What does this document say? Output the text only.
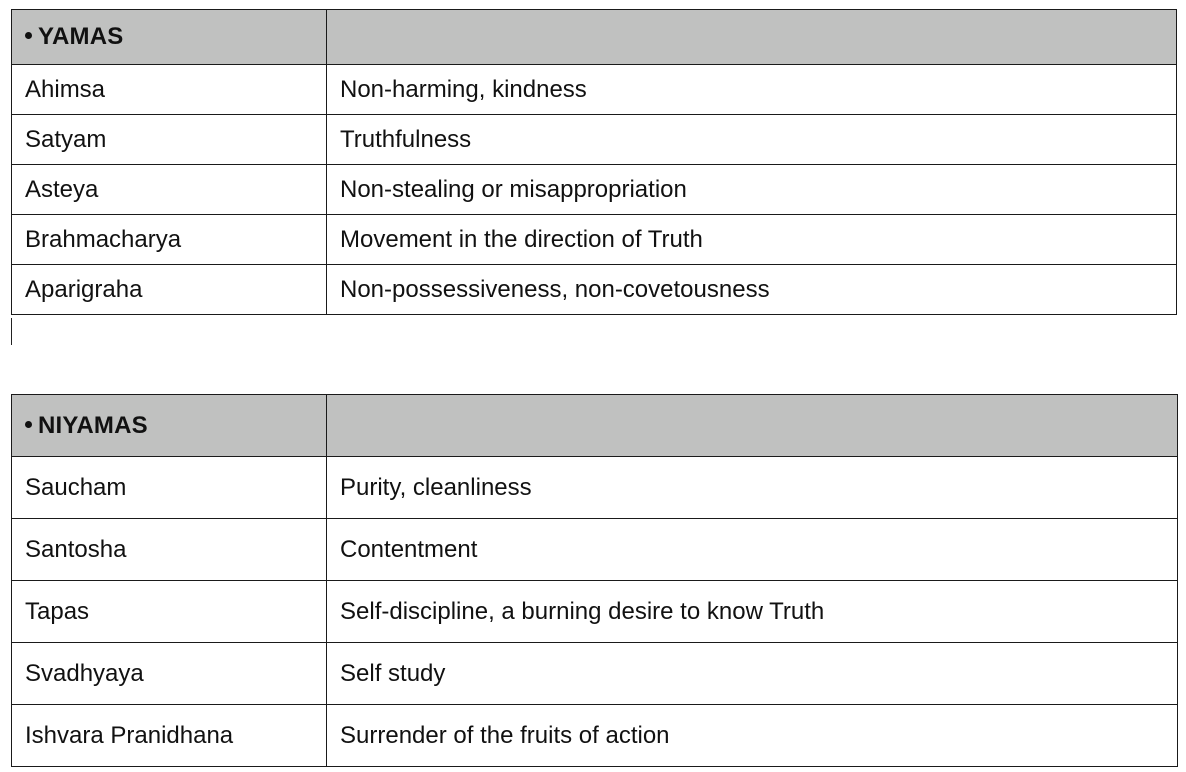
YAMAS	
Ahimsa	Non-harming, kindness
Satyam	Truthfulness
Asteya	Non-stealing or misappropriation
Brahmacharya	Movement in the direction of Truth
Aparigraha	Non-possessiveness, non-covetousness
NIYAMAS	
Saucham	Purity, cleanliness
Santosha	Contentment
Tapas	Self-discipline, a burning desire to know Truth
Svadhyaya	Self study
Ishvara Pranidhana	Surrender of the fruits of action
